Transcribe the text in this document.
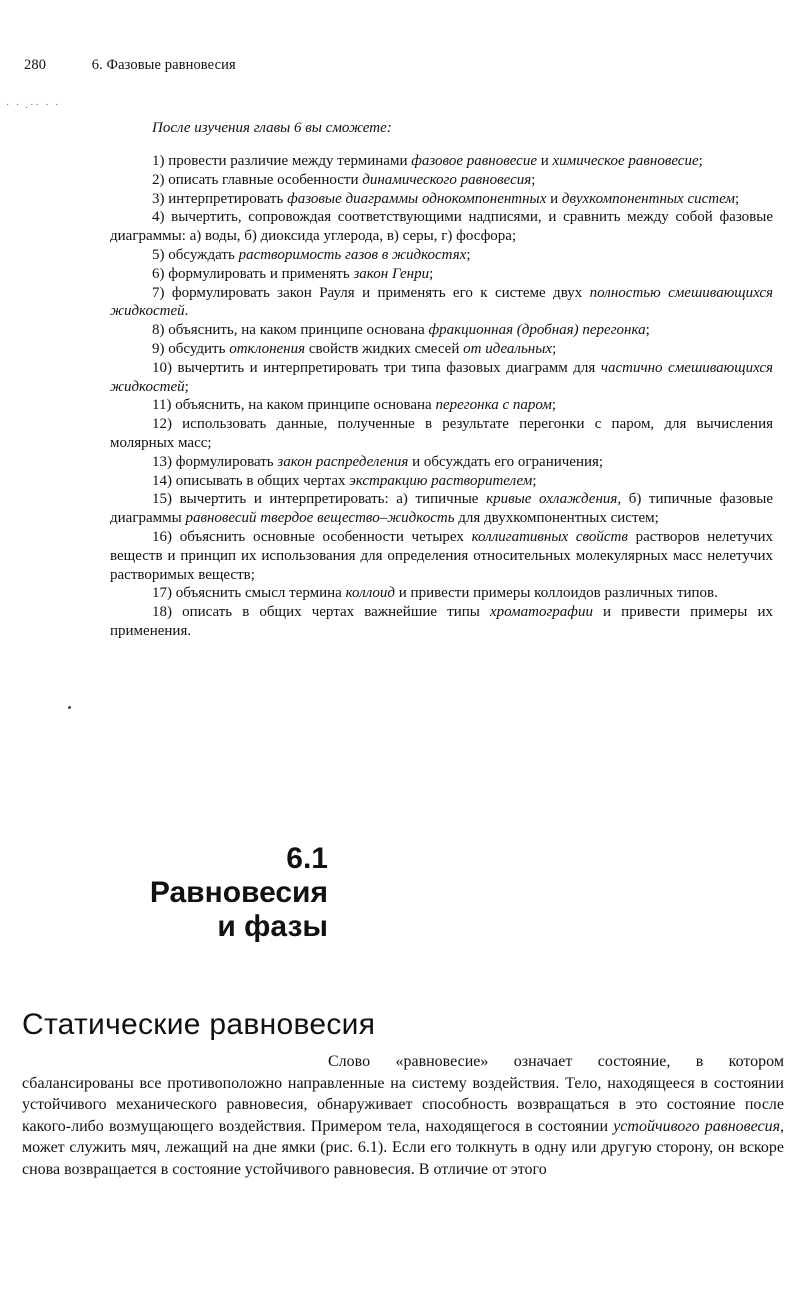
280	6. Фазовые равновесия
· · .·· · ·
После изучения главы 6 вы сможете:
1) провести различие между терминами фазовое равновесие и химическое равновесие;
2) описать главные особенности динамического равновесия;
3) интерпретировать фазовые диаграммы однокомпонентных и двухкомпонентных систем;
4) вычертить, сопровождая соответствующими надписями, и сравнить между собой фазовые диаграммы: а) воды, б) диоксида углерода, в) серы, г) фосфора;
5) обсуждать растворимость газов в жидкостях;
6) формулировать и применять закон Генри;
7) формулировать закон Рауля и применять его к системе двух полностью смешивающихся жидкостей.
8) объяснить, на каком принципе основана фракционная (дробная) перегонка;
9) обсудить отклонения свойств жидких смесей от идеальных;
10) вычертить и интерпретировать три типа фазовых диаграмм для частично смешивающихся жидкостей;
11) объяснить, на каком принципе основана перегонка с паром;
12) использовать данные, полученные в результате перегонки с паром, для вычисления молярных масс;
13) формулировать закон распределения и обсуждать его ограничения;
14) описывать в общих чертах экстракцию растворителем;
15) вычертить и интерпретировать: а) типичные кривые охлаждения, б) типичные фазовые диаграммы равновесий твердое вещество–жидкость для двухкомпонентных систем;
16) объяснить основные особенности четырех коллигативных свойств растворов нелетучих веществ и принцип их использования для определения относительных молекулярных масс нелетучих растворимых веществ;
17) объяснить смысл термина коллоид и привести примеры коллоидов различных типов.
18) описать в общих чертах важнейшие типы хроматографии и привести примеры их применения.
6.1
Равновесия
и фазы
Статические равновесия

Слово «равновесие» означает состояние, в котором сбалансированы все противоположно направленные на систему воздействия. Тело, находящееся в состоянии устойчивого механического равновесия, обнаруживает способность возвращаться в это состояние после какого-либо возмущающего воздействия. Примером тела, находящегося в состоянии устойчивого равновесия, может служить мяч, лежащий на дне ямки (рис. 6.1). Если его толкнуть в одну или другую сторону, он вскоре снова возвращается в состояние устойчивого равновесия. В отличие от этого
